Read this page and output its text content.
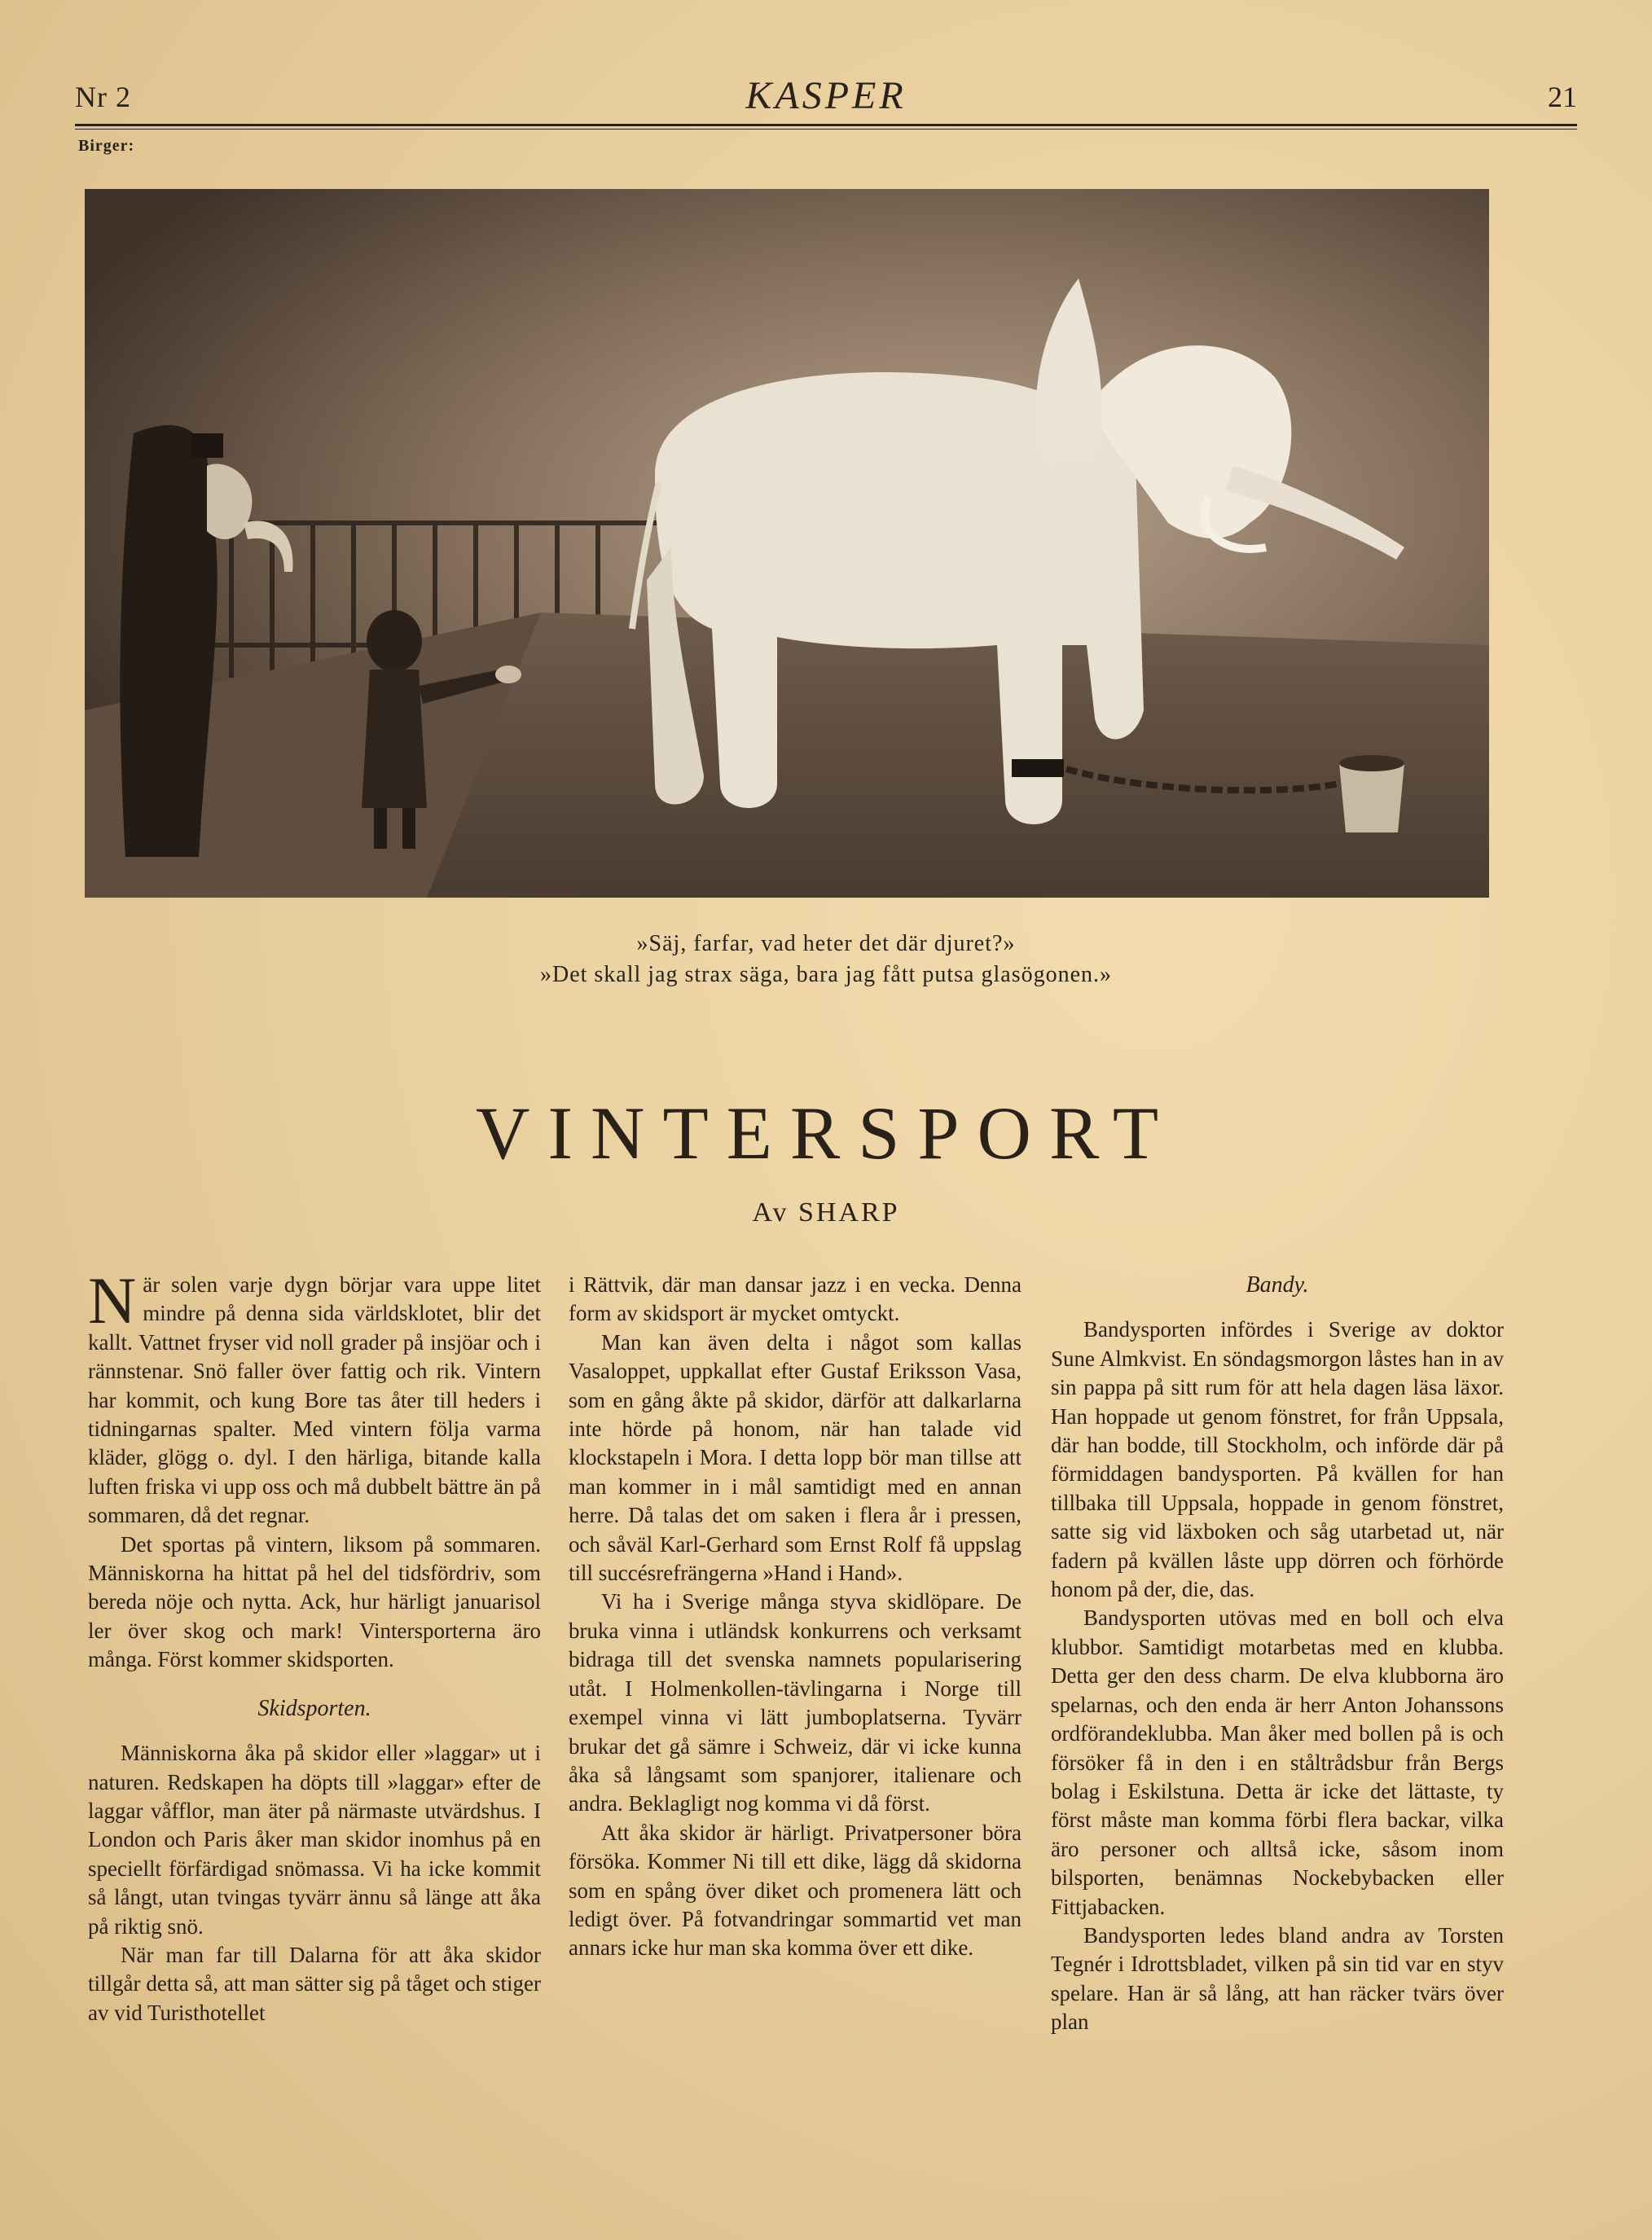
Nr 2	KASPER	21
Birger:
»Säj, farfar, vad heter det där djuret?»
»Det skall jag strax säga, bara jag fått putsa glasögonen.»
VINTERSPORT
Av SHARP

När solen varje dygn börjar vara uppe litet mindre på denna sida världsklotet, blir det kallt. Vattnet fryser vid noll grader på insjöar och i rännstenar. Snö faller över fattig och rik. Vintern har kommit, och kung Bore tas åter till heders i tidningarnas spalter. Med vintern följa varma kläder, glögg o. dyl. I den härliga, bitande kalla luften friska vi upp oss och må dubbelt bättre än på sommaren, då det regnar.

Det sportas på vintern, liksom på sommaren. Människorna ha hittat på hel del tidsfördriv, som bereda nöje och nytta. Ack, hur härligt januarisol ler över skog och mark! Vintersporterna äro många. Först kommer skidsporten.

Skidsporten.

Människorna åka på skidor eller »laggar» ut i naturen. Redskapen ha döpts till »laggar» efter de laggar våfflor, man äter på närmaste utvärdshus. I London och Paris åker man skidor inomhus på en speciellt förfärdigad snömassa. Vi ha icke kommit så långt, utan tvingas tyvärr ännu så länge att åka på riktig snö.

När man far till Dalarna för att åka skidor tillgår detta så, att man sätter sig på tåget och stiger av vid Turisthotellet

i Rättvik, där man dansar jazz i en vecka. Denna form av skidsport är mycket omtyckt.

Man kan även delta i något som kallas Vasaloppet, uppkallat efter Gustaf Eriksson Vasa, som en gång åkte på skidor, därför att dalkarlarna inte hörde på honom, när han talade vid klockstapeln i Mora. I detta lopp bör man tillse att man kommer in i mål samtidigt med en annan herre. Då talas det om saken i flera år i pressen, och såväl Karl-Gerhard som Ernst Rolf få uppslag till succésrefrängerna »Hand i Hand».

Vi ha i Sverige många styva skidlöpare. De bruka vinna i utländsk konkurrens och verksamt bidraga till det svenska namnets popularisering utåt. I Holmenkollen-tävlingarna i Norge till exempel vinna vi lätt jumboplatserna. Tyvärr brukar det gå sämre i Schweiz, där vi icke kunna åka så långsamt som spanjorer, italienare och andra. Beklagligt nog komma vi då först.

Att åka skidor är härligt. Privatpersoner böra försöka. Kommer Ni till ett dike, lägg då skidorna som en spång över diket och promenera lätt och ledigt över. På fotvandringar sommartid vet man annars icke hur man ska komma över ett dike.

Bandy.

Bandysporten infördes i Sverige av doktor Sune Almkvist. En söndagsmorgon låstes han in av sin pappa på sitt rum för att hela dagen läsa läxor. Han hoppade ut genom fönstret, for från Uppsala, där han bodde, till Stockholm, och införde där på förmiddagen bandysporten. På kvällen for han tillbaka till Uppsala, hoppade in genom fönstret, satte sig vid läxboken och såg utarbetad ut, när fadern på kvällen låste upp dörren och förhörde honom på der, die, das.

Bandysporten utövas med en boll och elva klubbor. Samtidigt motarbetas med en klubba. Detta ger den dess charm. De elva klubborna äro spelarnas, och den enda är herr Anton Johanssons ordförandeklubba. Man åker med bollen på is och försöker få in den i en ståltrådsbur från Bergs bolag i Eskilstuna. Detta är icke det lättaste, ty först måste man komma förbi flera backar, vilka äro personer och alltså icke, såsom inom bilsporten, benämnas Nockebybacken eller Fittjabacken.

Bandysporten ledes bland andra av Torsten Tegnér i Idrottsbladet, vilken på sin tid var en styv spelare. Han är så lång, att han räcker tvärs över plan
